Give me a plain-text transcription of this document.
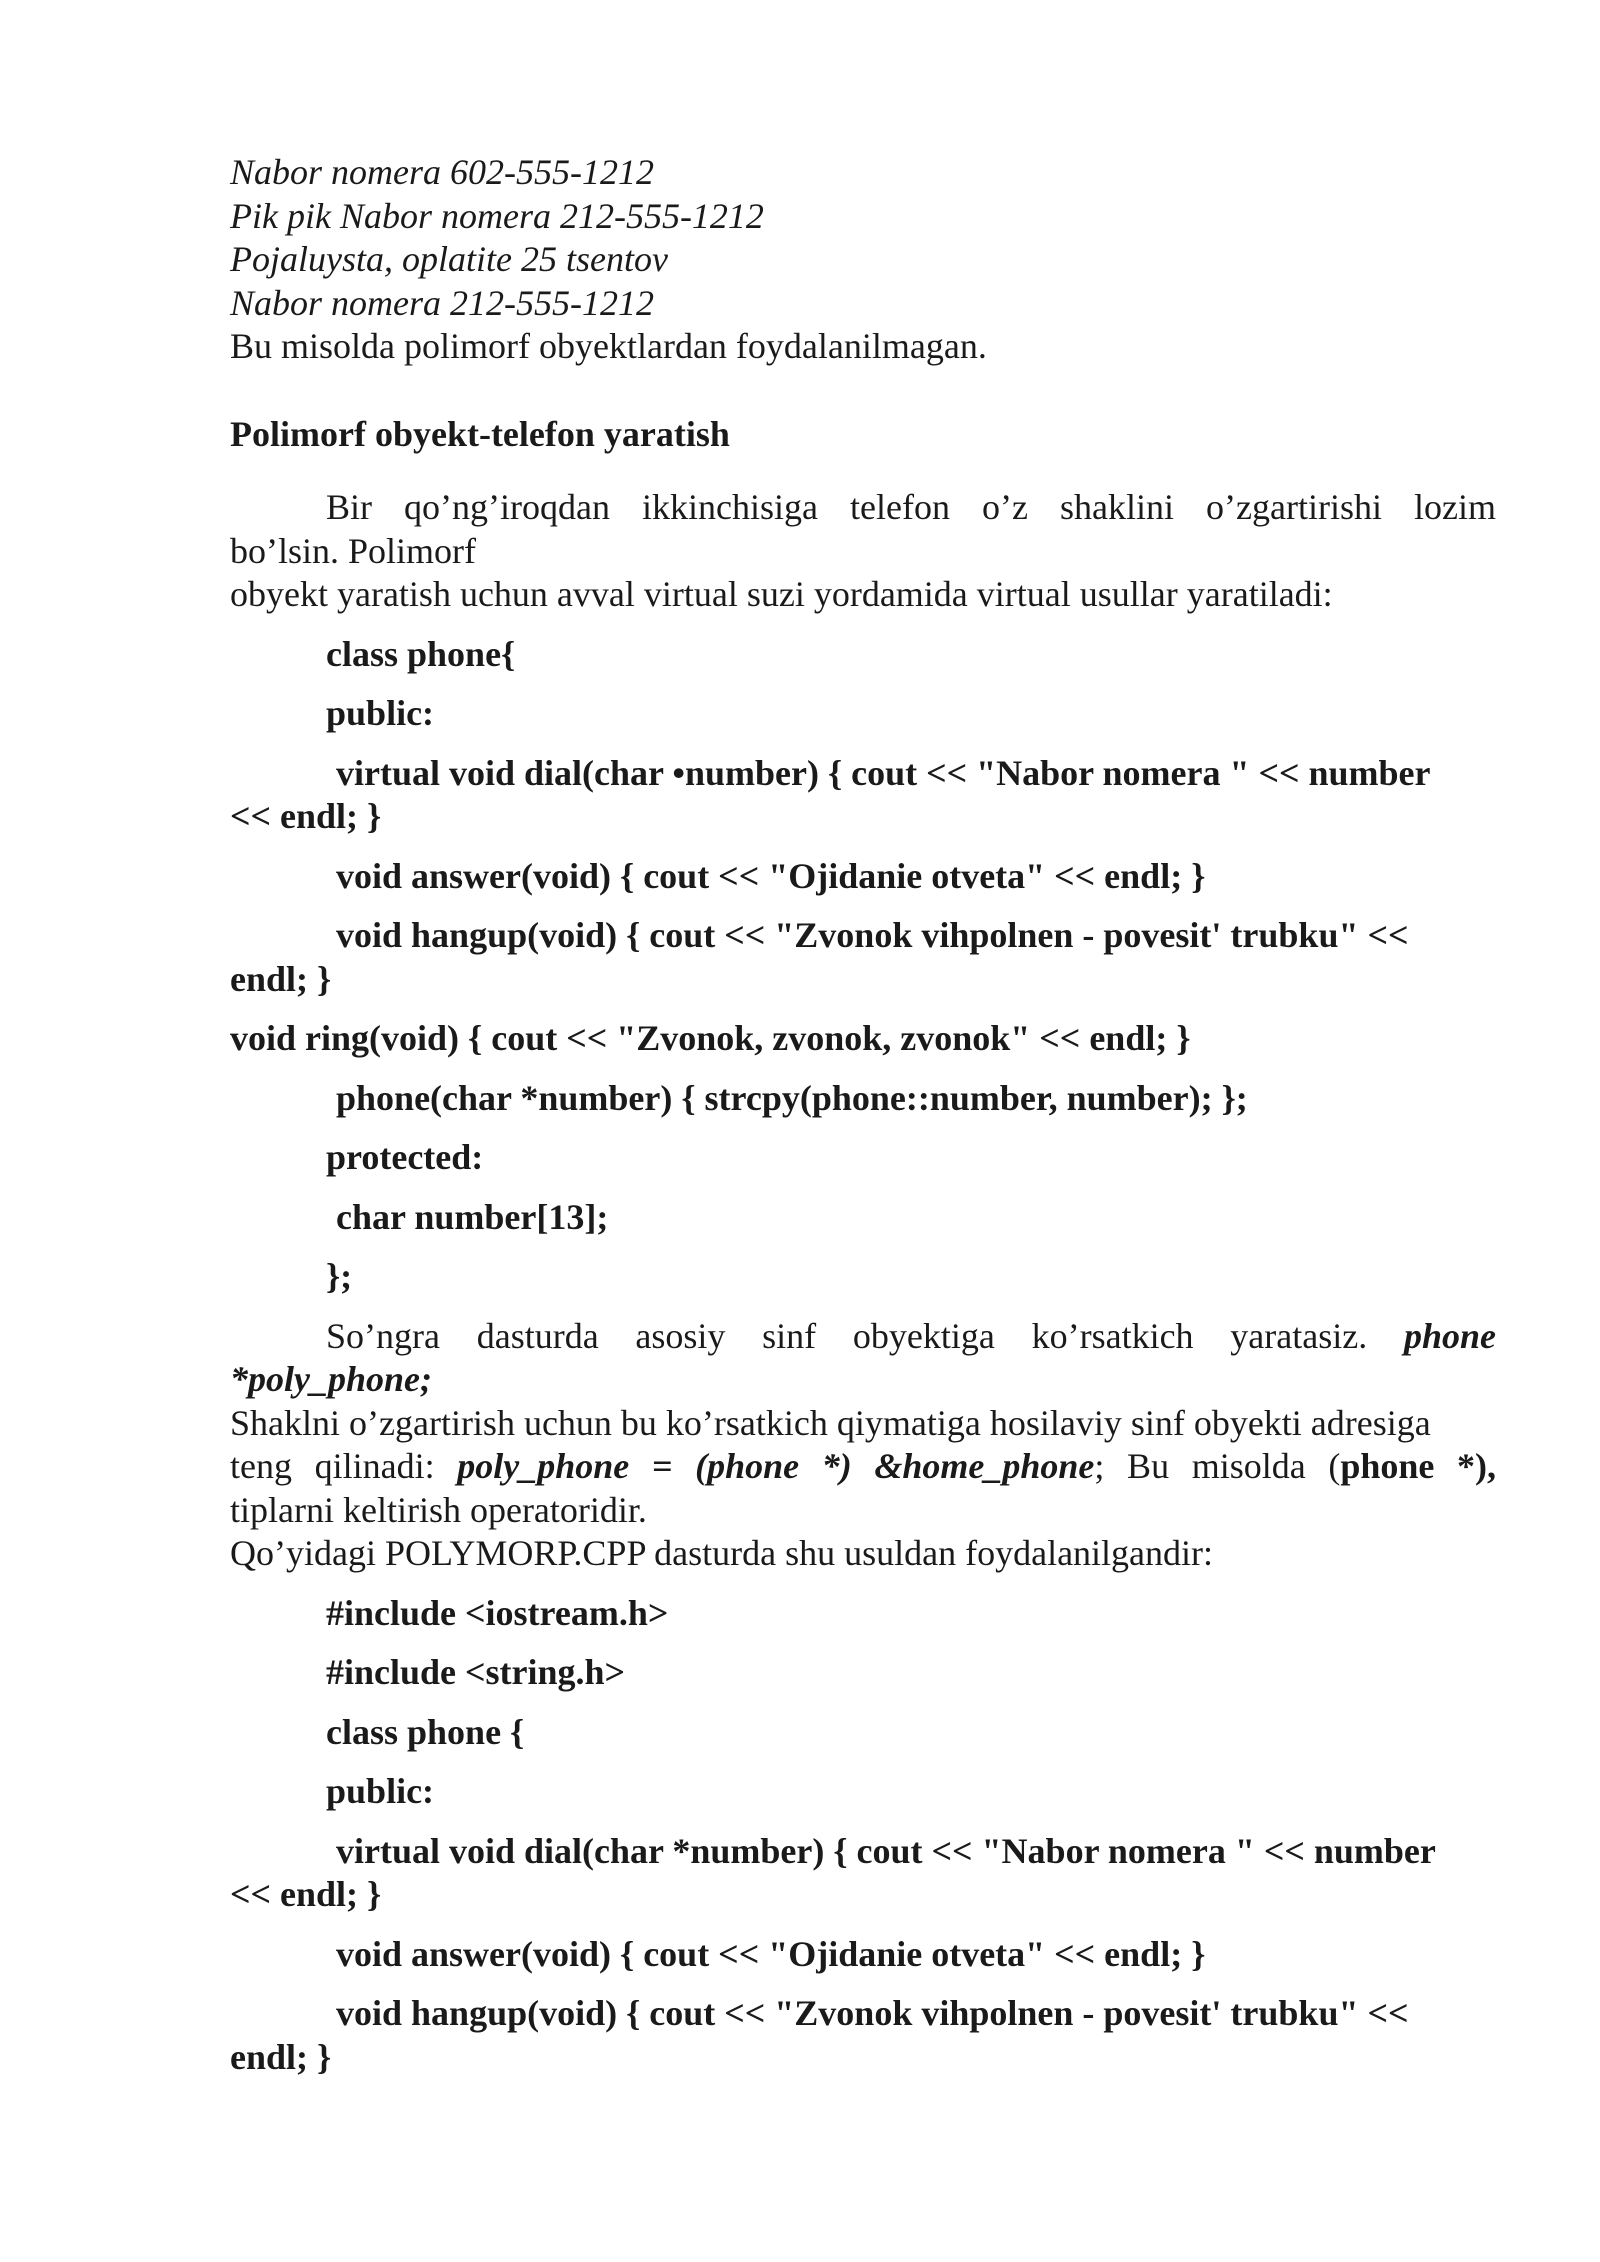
Nabor nomera 602-555-1212

Pik pik Nabor nomera 212-555-1212

Pojaluysta, oplatite 25 tsentov

Nabor nomera 212-555-1212

Bu misolda polimorf obyektlardan foydalanilmagan.

Polimorf obyekt-telefon yaratish

Bir qo’ng’iroqdan ikkinchisiga telefon o’z shaklini o’zgartirishi lozim

bo’lsin. Polimorf

obyekt yaratish uchun avval virtual suzi yordamida virtual usullar yaratiladi:

class phone{

public:

virtual void dial(char •number) { cout << "Nabor nomera " << number

<< endl; }

void answer(void) { cout << "Ojidanie otveta" << endl; }

void hangup(void) { cout << "Zvonok vihpolnen - povesit' trubku" <<

endl; }

void ring(void) { cout << "Zvonok, zvonok, zvonok" << endl; }

phone(char *number) { strcpy(phone::number, number); };

protected:

char number[13];

};

So’ngra dasturda asosiy sinf obyektiga ko’rsatkich yaratasiz. phone

*poly_phone;

Shaklni o’zgartirish uchun bu ko’rsatkich qiymatiga hosilaviy sinf obyekti adresiga

teng qilinadi: poly_phone = (phone *) &home_phone; Bu misolda (phone *),

tiplarni keltirish operatoridir.

Qo’yidagi POLYMORP.CPP dasturda shu usuldan foydalanilgandir:

#include <iostream.h>

#include <string.h>

class phone {

public:

virtual void dial(char *number) { cout << "Nabor nomera " << number

<< endl; }

void answer(void) { cout << "Ojidanie otveta" << endl; }

void hangup(void) { cout << "Zvonok vihpolnen - povesit' trubku" <<

endl; }
